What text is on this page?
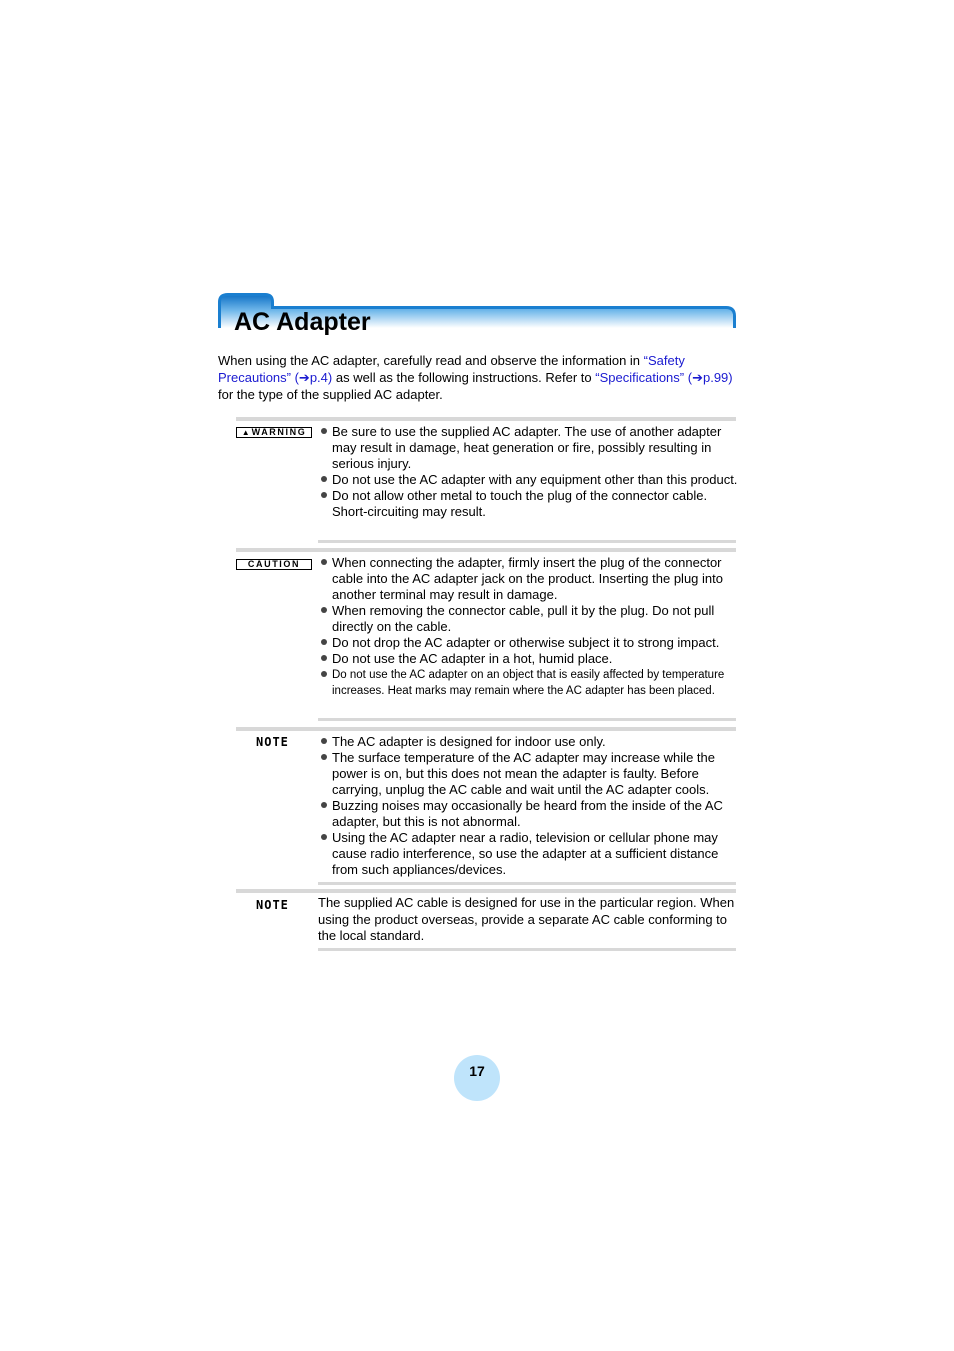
AC Adapter

When using the AC adapter, carefully read and observe the information in “Safety Precautions” (➔p.4) as well as the following instructions. Refer to “Specifications” (➔p.99) for the type of the supplied AC adapter.

▲ WARNING	Be sure to use the supplied AC adapter. The use of another adapter may result in damage, heat generation or fire, possibly resulting in serious injury.
Do not use the AC adapter with any equipment other than this product.
Do not allow other metal to touch the plug of the connector cable. Short-circuiting may result.
CAUTION	When connecting the adapter, firmly insert the plug of the connector cable into the AC adapter jack on the product. Inserting the plug into another terminal may result in damage.
When removing the connector cable, pull it by the plug. Do not pull directly on the cable.
Do not drop the AC adapter or otherwise subject it to strong impact.
Do not use the AC adapter in a hot, humid place.
Do not use the AC adapter on an object that is easily affected by temperature increases. Heat marks may remain where the AC adapter has been placed.
NOTE	The AC adapter is designed for indoor use only.
The surface temperature of the AC adapter may increase while the power is on, but this does not mean the adapter is faulty. Before carrying, unplug the AC cable and wait until the AC adapter cools.
Buzzing noises may occasionally be heard from the inside of the AC adapter, but this is not abnormal.
Using the AC adapter near a radio, television or cellular phone may cause radio interference, so use the adapter at a sufficient distance from such appliances/devices.
NOTE	The supplied AC cable is designed for use in the particular region. When using the product overseas, provide a separate AC cable conforming to the local standard.

17
